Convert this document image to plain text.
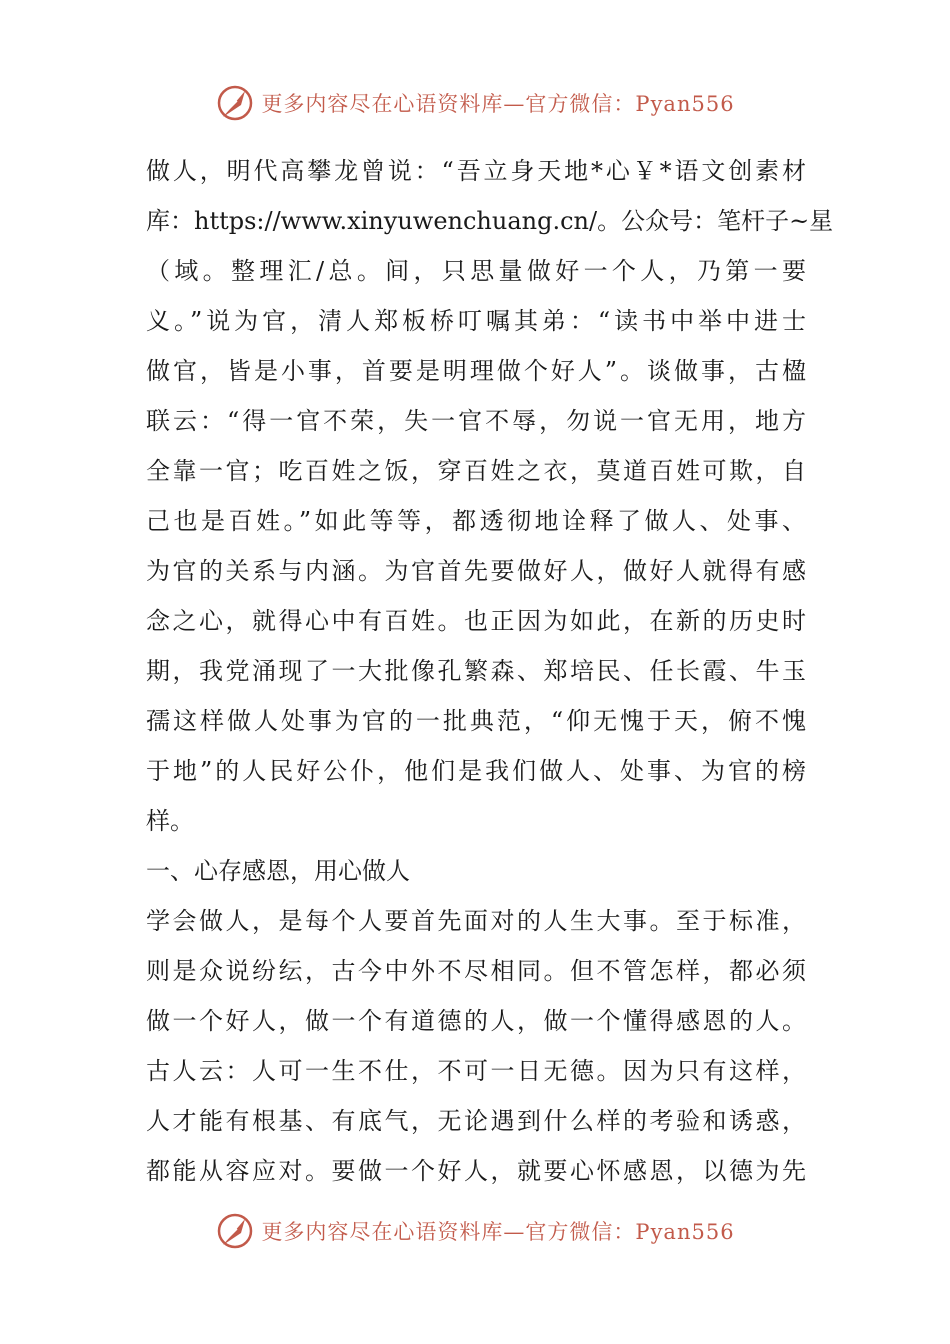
更多内容尽在心语资料库—官方微信：Pyan556
做人，明代高攀龙曾说：“吾立身天地*心￥*语文创素材
库：https://www.xinyuwenchuang.cn/。公众号：笔杆子~星
（域。整理汇/总。间，只思量做好一个人，乃第一要
义。”说为官，清人郑板桥叮嘱其弟：“读书中举中进士
做官，皆是小事，首要是明理做个好人”。谈做事，古楹
联云：“得一官不荣，失一官不辱，勿说一官无用，地方
全靠一官；吃百姓之饭，穿百姓之衣，莫道百姓可欺，自
己也是百姓。”如此等等，都透彻地诠释了做人、处事、
为官的关系与内涵。为官首先要做好人，做好人就得有感
念之心，就得心中有百姓。也正因为如此，在新的历史时
期，我党涌现了一大批像孔繁森、郑培民、任长霞、牛玉
孺这样做人处事为官的一批典范，“仰无愧于天，俯不愧
于地”的人民好公仆，他们是我们做人、处事、为官的榜
样。
一、心存感恩，用心做人
学会做人，是每个人要首先面对的人生大事。至于标准，
则是众说纷纭，古今中外不尽相同。但不管怎样，都必须
做一个好人，做一个有道德的人，做一个懂得感恩的人。
古人云：人可一生不仕，不可一日无德。因为只有这样，
人才能有根基、有底气，无论遇到什么样的考验和诱惑，
都能从容应对。要做一个好人，就要心怀感恩，以德为先
更多内容尽在心语资料库—官方微信：Pyan556
